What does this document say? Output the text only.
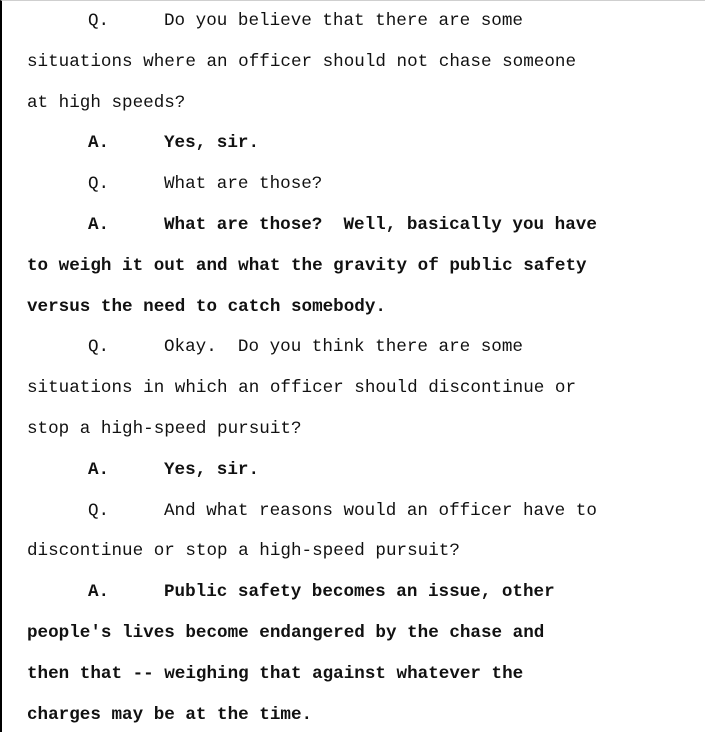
Q.	Do you believe that there are some
situations where an officer should not chase someone
at high speeds?
A.	Yes, sir.
Q.	What are those?
A.	What are those?  Well, basically you have
to weigh it out and what the gravity of public safety
versus the need to catch somebody.
Q.	Okay.  Do you think there are some
situations in which an officer should discontinue or
stop a high-speed pursuit?
A.	Yes, sir.
Q.	And what reasons would an officer have to
discontinue or stop a high-speed pursuit?
A.	Public safety becomes an issue, other
people's lives become endangered by the chase and
then that -- weighing that against whatever the
charges may be at the time.
